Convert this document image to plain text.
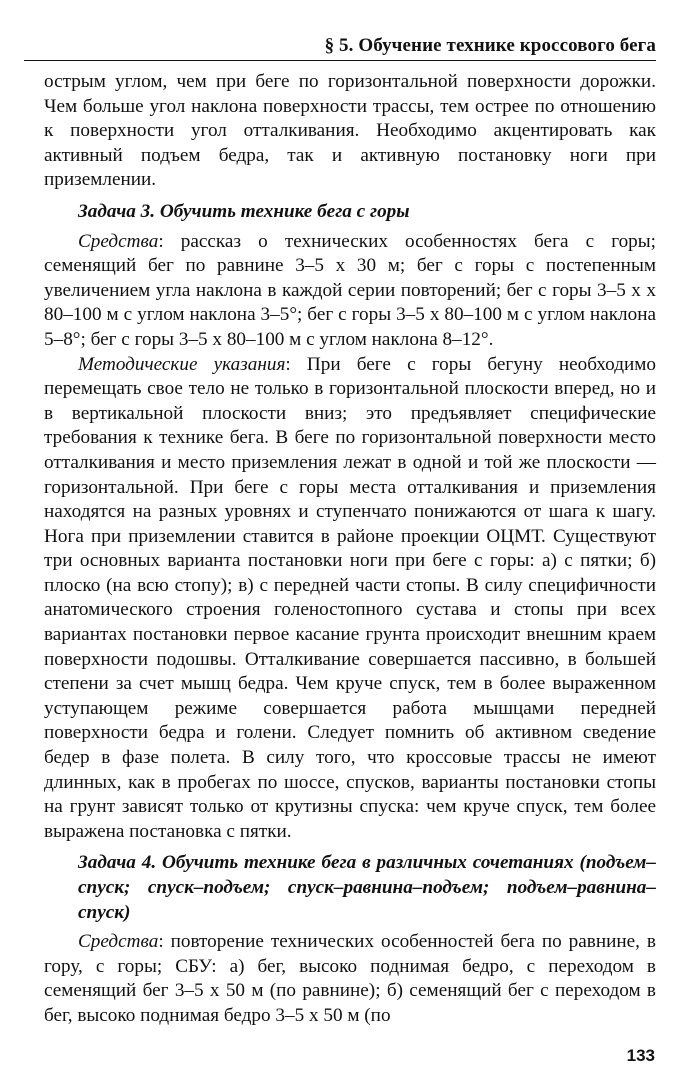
§ 5. Обучение технике кроссового бега

острым углом, чем при беге по горизонтальной поверхности дорожки. Чем больше угол наклона поверхности трассы, тем острее по отношению к поверхности угол отталкивания. Необходимо акцентировать как активный подъем бедра, так и активную постановку ноги при приземлении.

Задача 3. Обучить технике бега с горы

Средства: рассказ о технических особенностях бега с горы; семенящий бег по равнине 3–5 х 30 м; бег с горы с постепенным увеличением угла наклона в каждой серии повторений; бег с горы 3–5 х х 80–100 м с углом наклона 3–5°; бег с горы 3–5 х 80–100 м с углом наклона 5–8°; бег с горы 3–5 х 80–100 м с углом наклона 8–12°.

Методические указания: При беге с горы бегуну необходимо перемещать свое тело не только в горизонтальной плоскости вперед, но и в вертикальной плоскости вниз; это предъявляет специфические требования к технике бега. В беге по горизонтальной поверхности место отталкивания и место приземления лежат в одной и той же плоскости — горизонтальной. При беге с горы места отталкивания и приземления находятся на разных уровнях и ступенчато понижаются от шага к шагу. Нога при приземлении ставится в районе проекции ОЦМТ. Существуют три основных варианта постановки ноги при беге с горы: а) с пятки; б) плоско (на всю стопу); в) с передней части стопы. В силу специфичности анатомического строения голеностопного сустава и стопы при всех вариантах постановки первое касание грунта происходит внешним краем поверхности подошвы. Отталкивание совершается пассивно, в большей степени за счет мышц бедра. Чем круче спуск, тем в более выраженном уступающем режиме совершается работа мышцами передней поверхности бедра и голени. Следует помнить об активном сведение бедер в фазе полета. В силу того, что кроссовые трассы не имеют длинных, как в пробегах по шоссе, спусков, варианты постановки стопы на грунт зависят только от крутизны спуска: чем круче спуск, тем более выражена постановка с пятки.

Задача 4. Обучить технике бега в различных сочетаниях (подъем–спуск; спуск–подъем; спуск–равнина–подъем; подъем–равнина–спуск)

Средства: повторение технических особенностей бега по равнине, в гору, с горы; СБУ: а) бег, высоко поднимая бедро, с переходом в семенящий бег 3–5 х 50 м (по равнине); б) семенящий бег с переходом в бег, высоко поднимая бедро 3–5 х 50 м (по

133
